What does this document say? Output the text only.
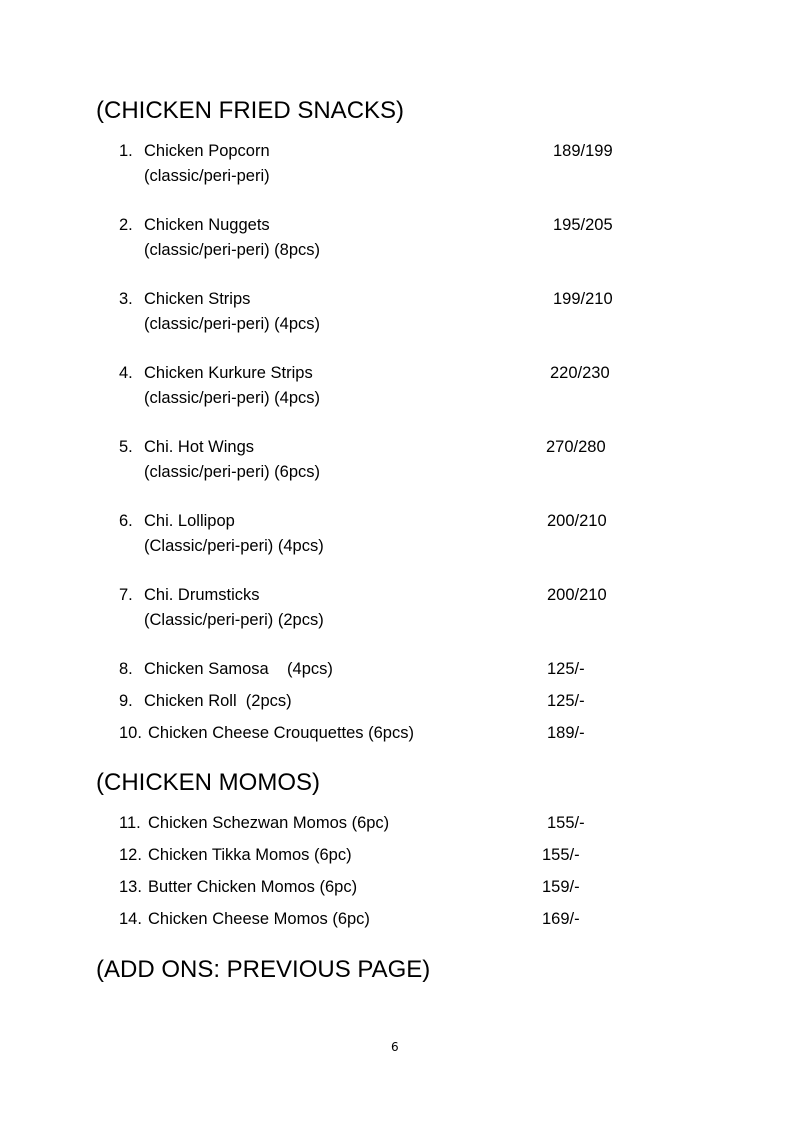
(CHICKEN FRIED SNACKS)
1. Chicken Popcorn
(classic/peri-peri)
189/199
2. Chicken Nuggets
(classic/peri-peri) (8pcs)
195/205
3. Chicken Strips
(classic/peri-peri) (4pcs)
199/210
4. Chicken Kurkure Strips
(classic/peri-peri) (4pcs)
220/230
5. Chi. Hot Wings
(classic/peri-peri) (6pcs)
270/280
6. Chi. Lollipop
(Classic/peri-peri) (4pcs)
200/210
7. Chi. Drumsticks
(Classic/peri-peri) (2pcs)
200/210
8. Chicken Samosa    (4pcs)	125/-
9. Chicken Roll  (2pcs)	125/-
10. Chicken Cheese Crouquettes (6pcs)	189/-
(CHICKEN MOMOS)
11. Chicken Schezwan Momos (6pc)	155/-
12. Chicken Tikka Momos (6pc)	155/-
13. Butter Chicken Momos (6pc)	159/-
14. Chicken Cheese Momos (6pc)	169/-
(ADD ONS: PREVIOUS PAGE)
6
